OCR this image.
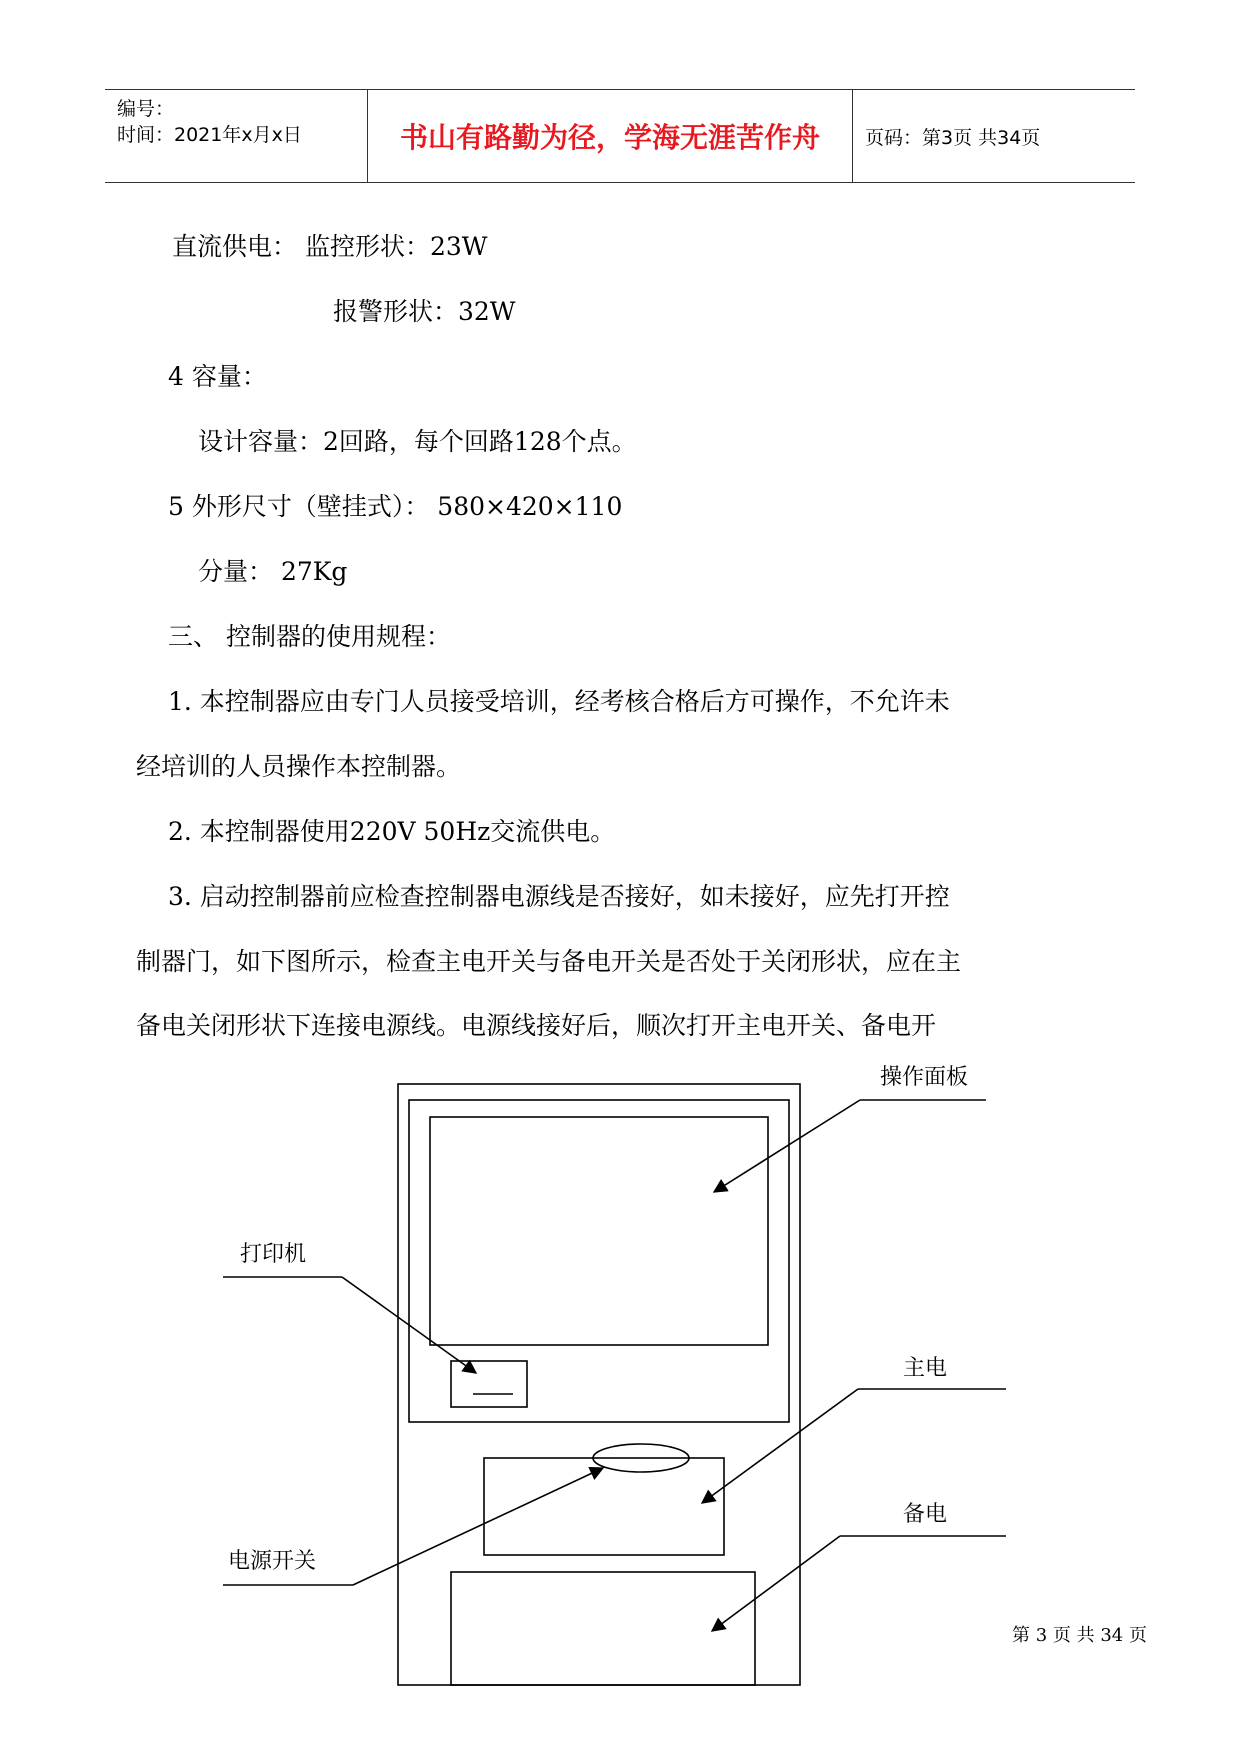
编号：
时间：2021年x月x日	书山有路勤为径，学海无涯苦作舟	页码：第3页 共34页
直流供电： 监控形状：23W
报警形状：32W
4 容量：
设计容量：2回路，每个回路128个点。
5 外形尺寸（壁挂式）： 580×420×110
分量： 27Kg
三、 控制器的使用规程：
1. 本控制器应由专门人员接受培训，经考核合格后方可操作，不允许未
经培训的人员操作本控制器。
2. 本控制器使用220V 50Hz交流供电。
3. 启动控制器前应检查控制器电源线是否接好，如未接好，应先打开控
制器门，如下图所示，检查主电开关与备电开关是否处于关闭形状，应在主
备电关闭形状下连接电源线。电源线接好后，顺次打开主电开关、备电开
操作面板
打印机
主电
备电
电源开关
第 3 页 共 34 页
